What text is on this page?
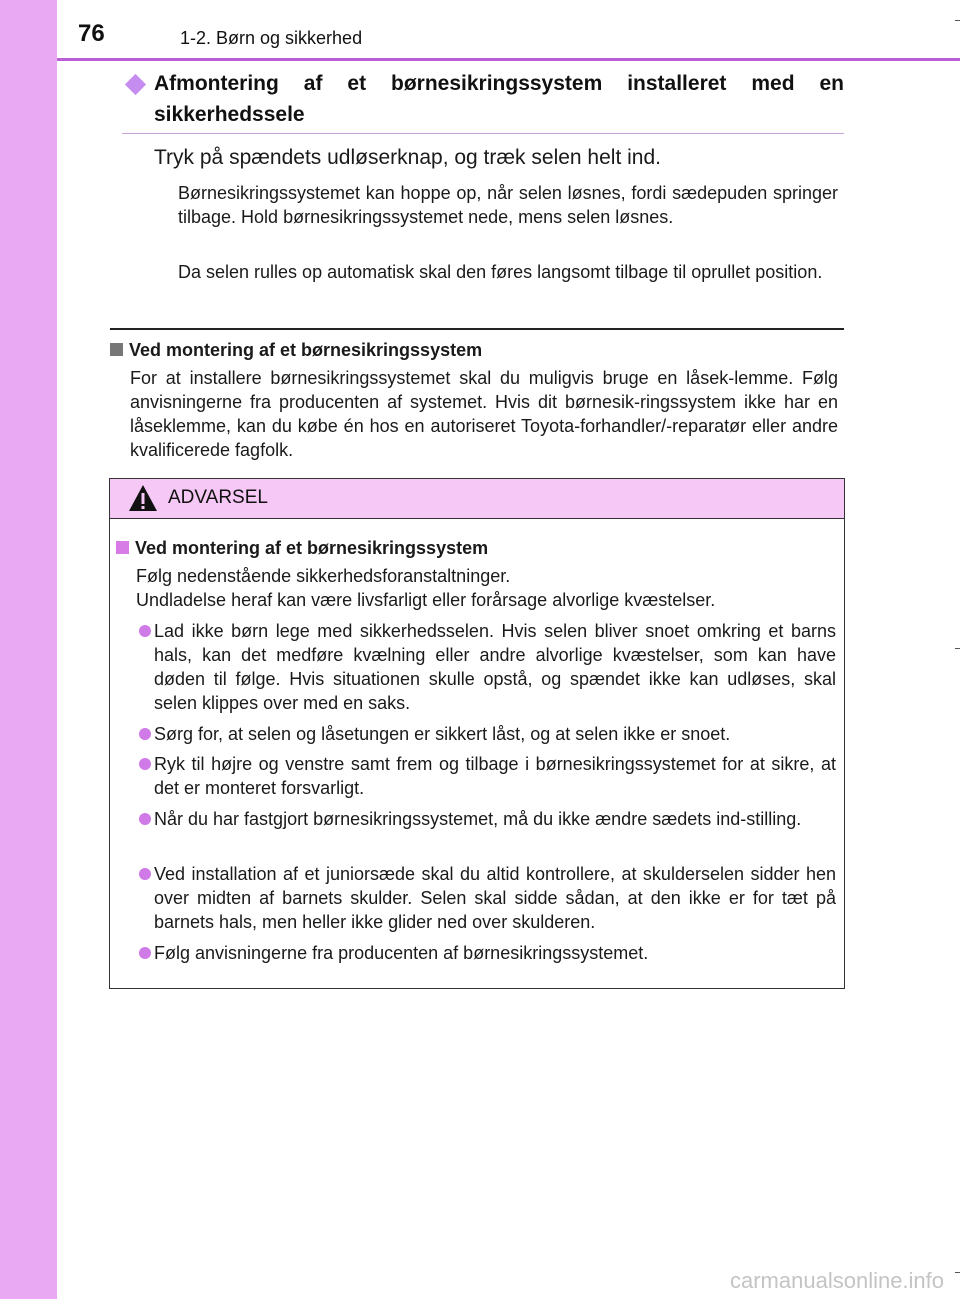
76	1-2. Børn og sikkerhed
Afmontering af et børnesikringssystem installeret med en sikkerhedssele
Tryk på spændets udløserknap, og træk selen helt ind.
Børnesikringssystemet kan hoppe op, når selen løsnes, fordi sædepuden springer tilbage. Hold børnesikringssystemet nede, mens selen løsnes.
Da selen rulles op automatisk skal den føres langsomt tilbage til oprullet position.
Ved montering af et børnesikringssystem
For at installere børnesikringssystemet skal du muligvis bruge en låsek-lemme. Følg anvisningerne fra producenten af systemet. Hvis dit børnesik-ringssystem ikke har en låseklemme, kan du købe én hos en autoriseret Toyota-forhandler/-reparatør eller andre kvalificerede fagfolk.
ADVARSEL
Ved montering af et børnesikringssystem
Følg nedenstående sikkerhedsforanstaltninger.
Undladelse heraf kan være livsfarligt eller forårsage alvorlige kvæstelser.
Lad ikke børn lege med sikkerhedsselen. Hvis selen bliver snoet omkring et barns hals, kan det medføre kvælning eller andre alvorlige kvæstelser, som kan have døden til følge. Hvis situationen skulle opstå, og spændet ikke kan udløses, skal selen klippes over med en saks.
Sørg for, at selen og låsetungen er sikkert låst, og at selen ikke er snoet.
Ryk til højre og venstre samt frem og tilbage i børnesikringssystemet for at sikre, at det er monteret forsvarligt.
Når du har fastgjort børnesikringssystemet, må du ikke ændre sædets ind-stilling.
Ved installation af et juniorsæde skal du altid kontrollere, at skulderselen sidder hen over midten af barnets skulder. Selen skal sidde sådan, at den ikke er for tæt på barnets hals, men heller ikke glider ned over skulderen.
Følg anvisningerne fra producenten af børnesikringssystemet.
carmanualsonline.info
